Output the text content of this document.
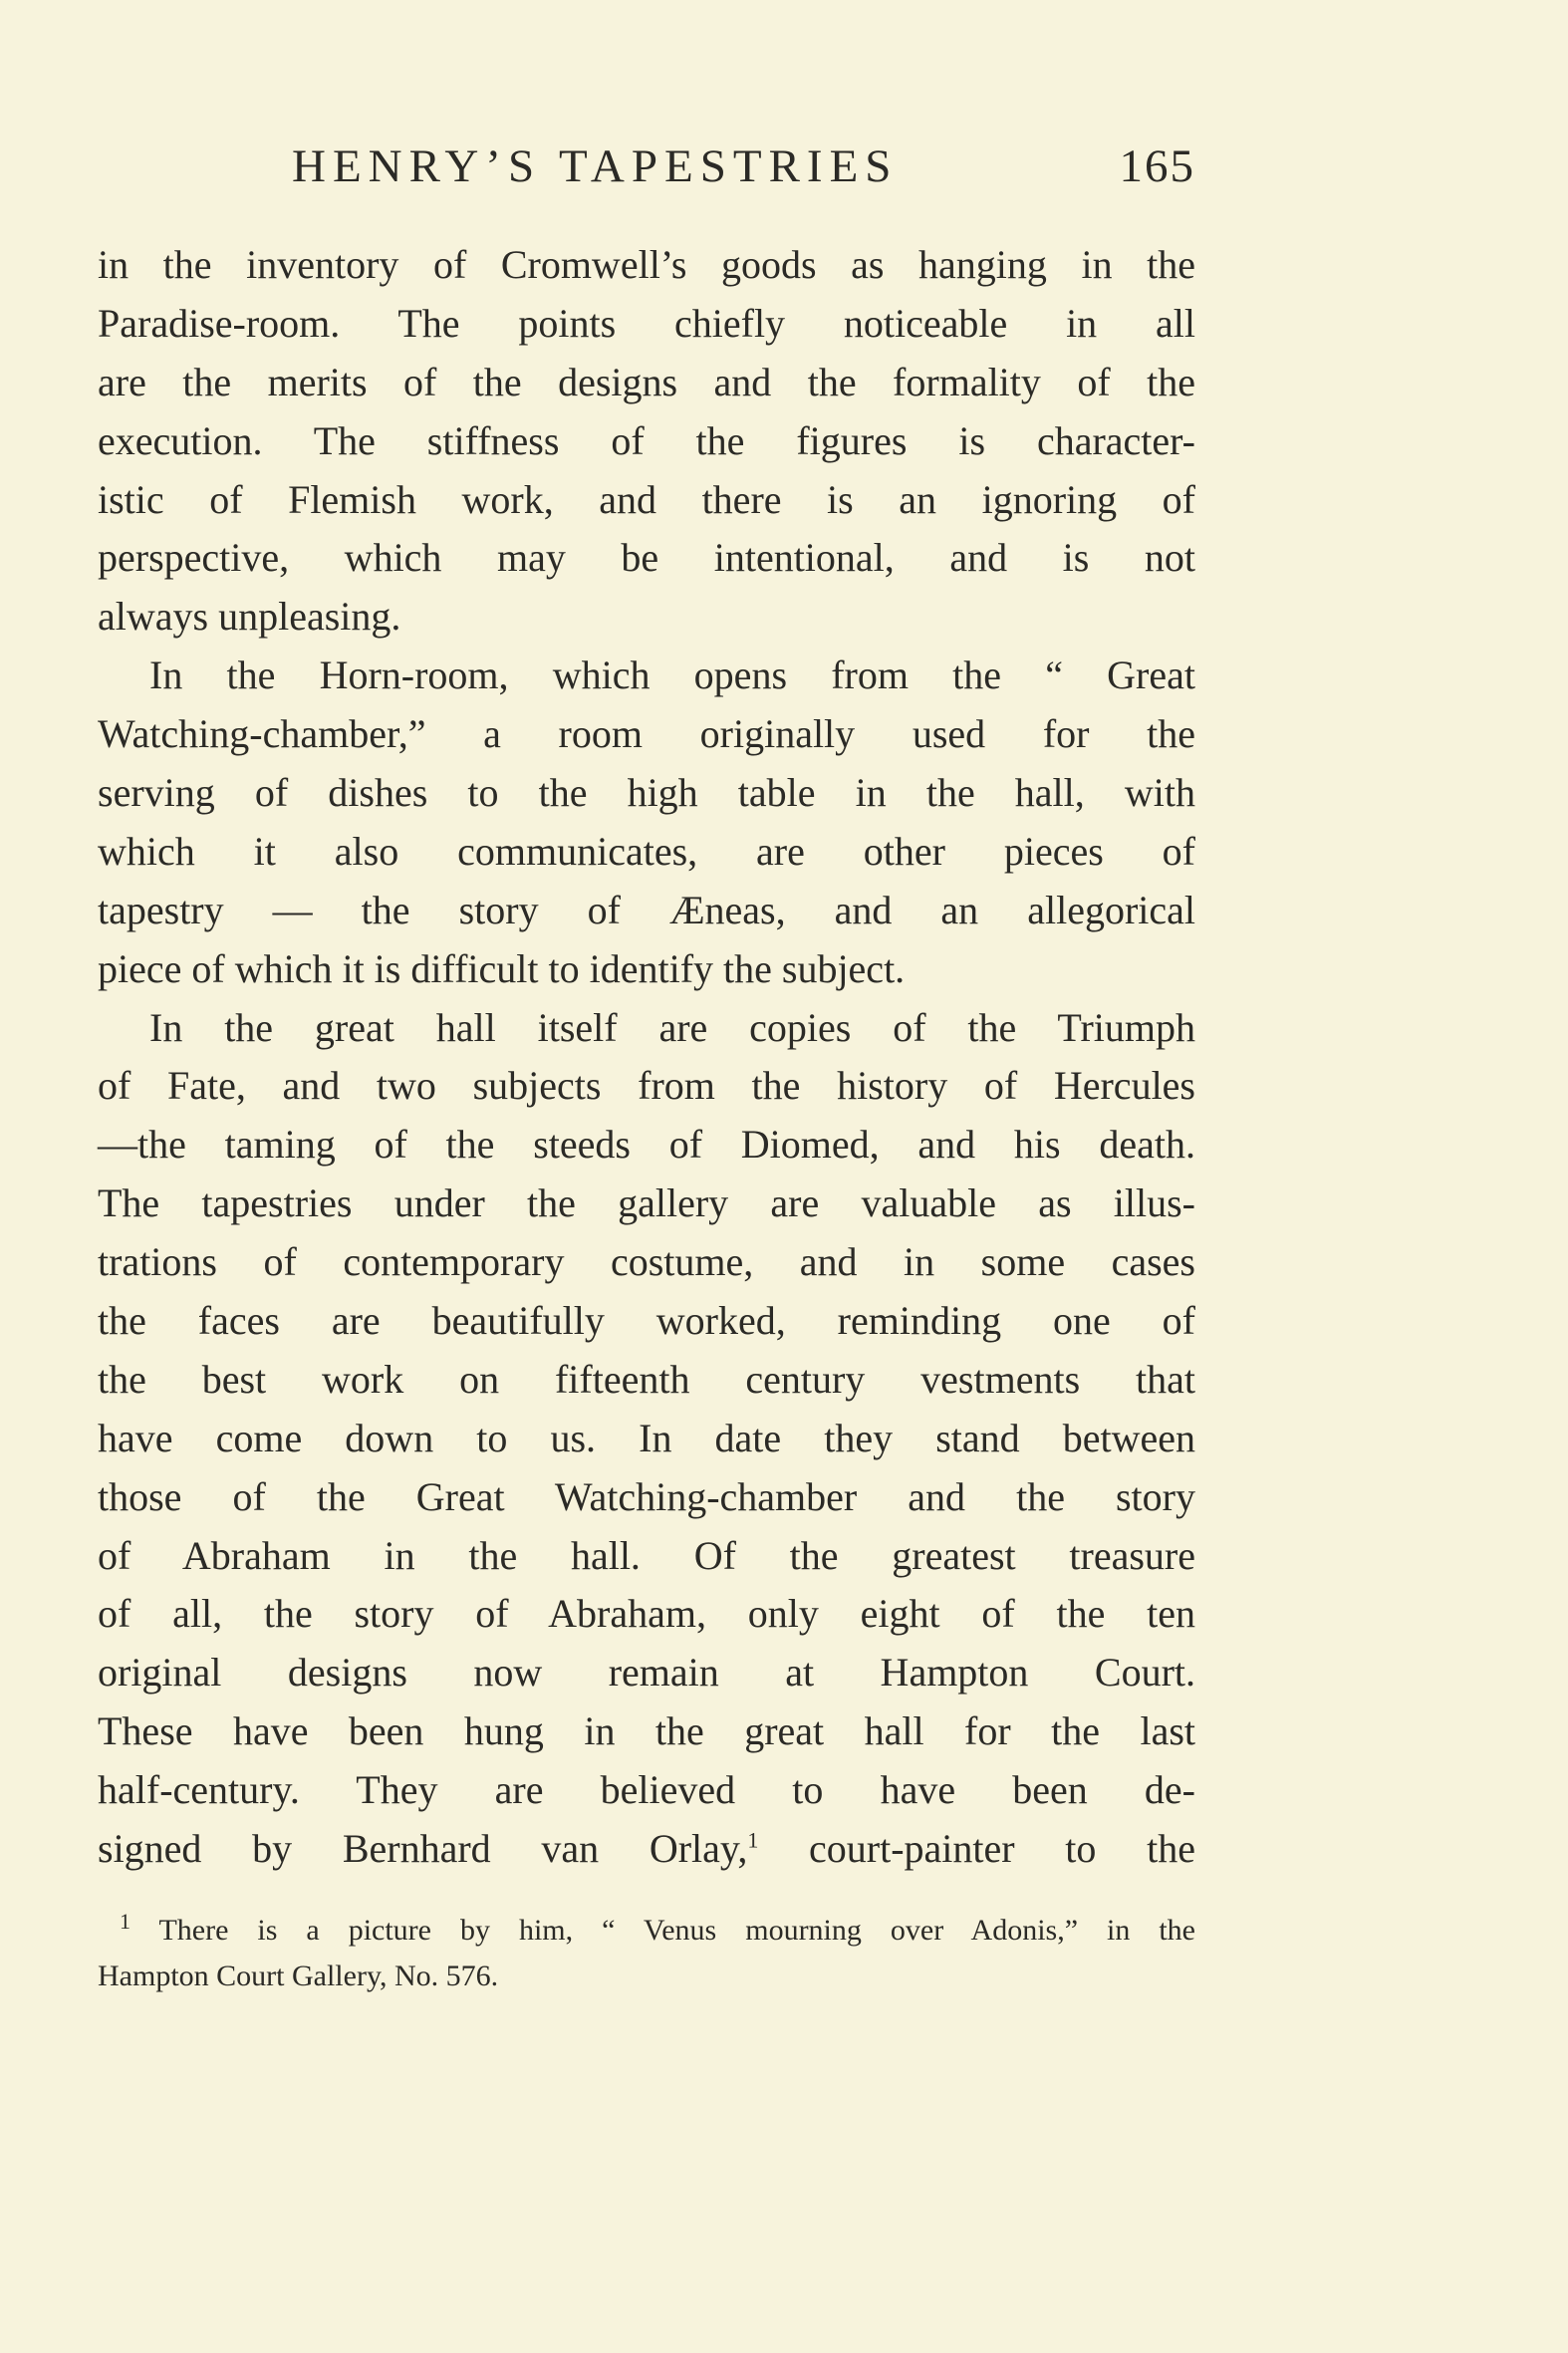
HENRY’S TAPESTRIES	165
in the inventory of Cromwell’s goods as hanging in the
Paradise-room. The points chiefly noticeable in all
are the merits of the designs and the formality of the
execution. The stiffness of the figures is character-
istic of Flemish work, and there is an ignoring of
perspective, which may be intentional, and is not
always unpleasing.
In the Horn-room, which opens from the “ Great
Watching-chamber,” a room originally used for the
serving of dishes to the high table in the hall, with
which it also communicates, are other pieces of
tapestry — the story of Æneas, and an allegorical
piece of which it is difficult to identify the subject.
In the great hall itself are copies of the Triumph
of Fate, and two subjects from the history of Hercules
—the taming of the steeds of Diomed, and his death.
The tapestries under the gallery are valuable as illus-
trations of contemporary costume, and in some cases
the faces are beautifully worked, reminding one of
the best work on fifteenth century vestments that
have come down to us. In date they stand between
those of the Great Watching-chamber and the story
of Abraham in the hall. Of the greatest treasure
of all, the story of Abraham, only eight of the ten
original designs now remain at Hampton Court.
These have been hung in the great hall for the last
half-century. They are believed to have been de-
signed by Bernhard van Orlay,$^1$ court-painter to the
$^1$ There is a picture by him, “ Venus mourning over Adonis,” in the
Hampton Court Gallery, No. 576.
